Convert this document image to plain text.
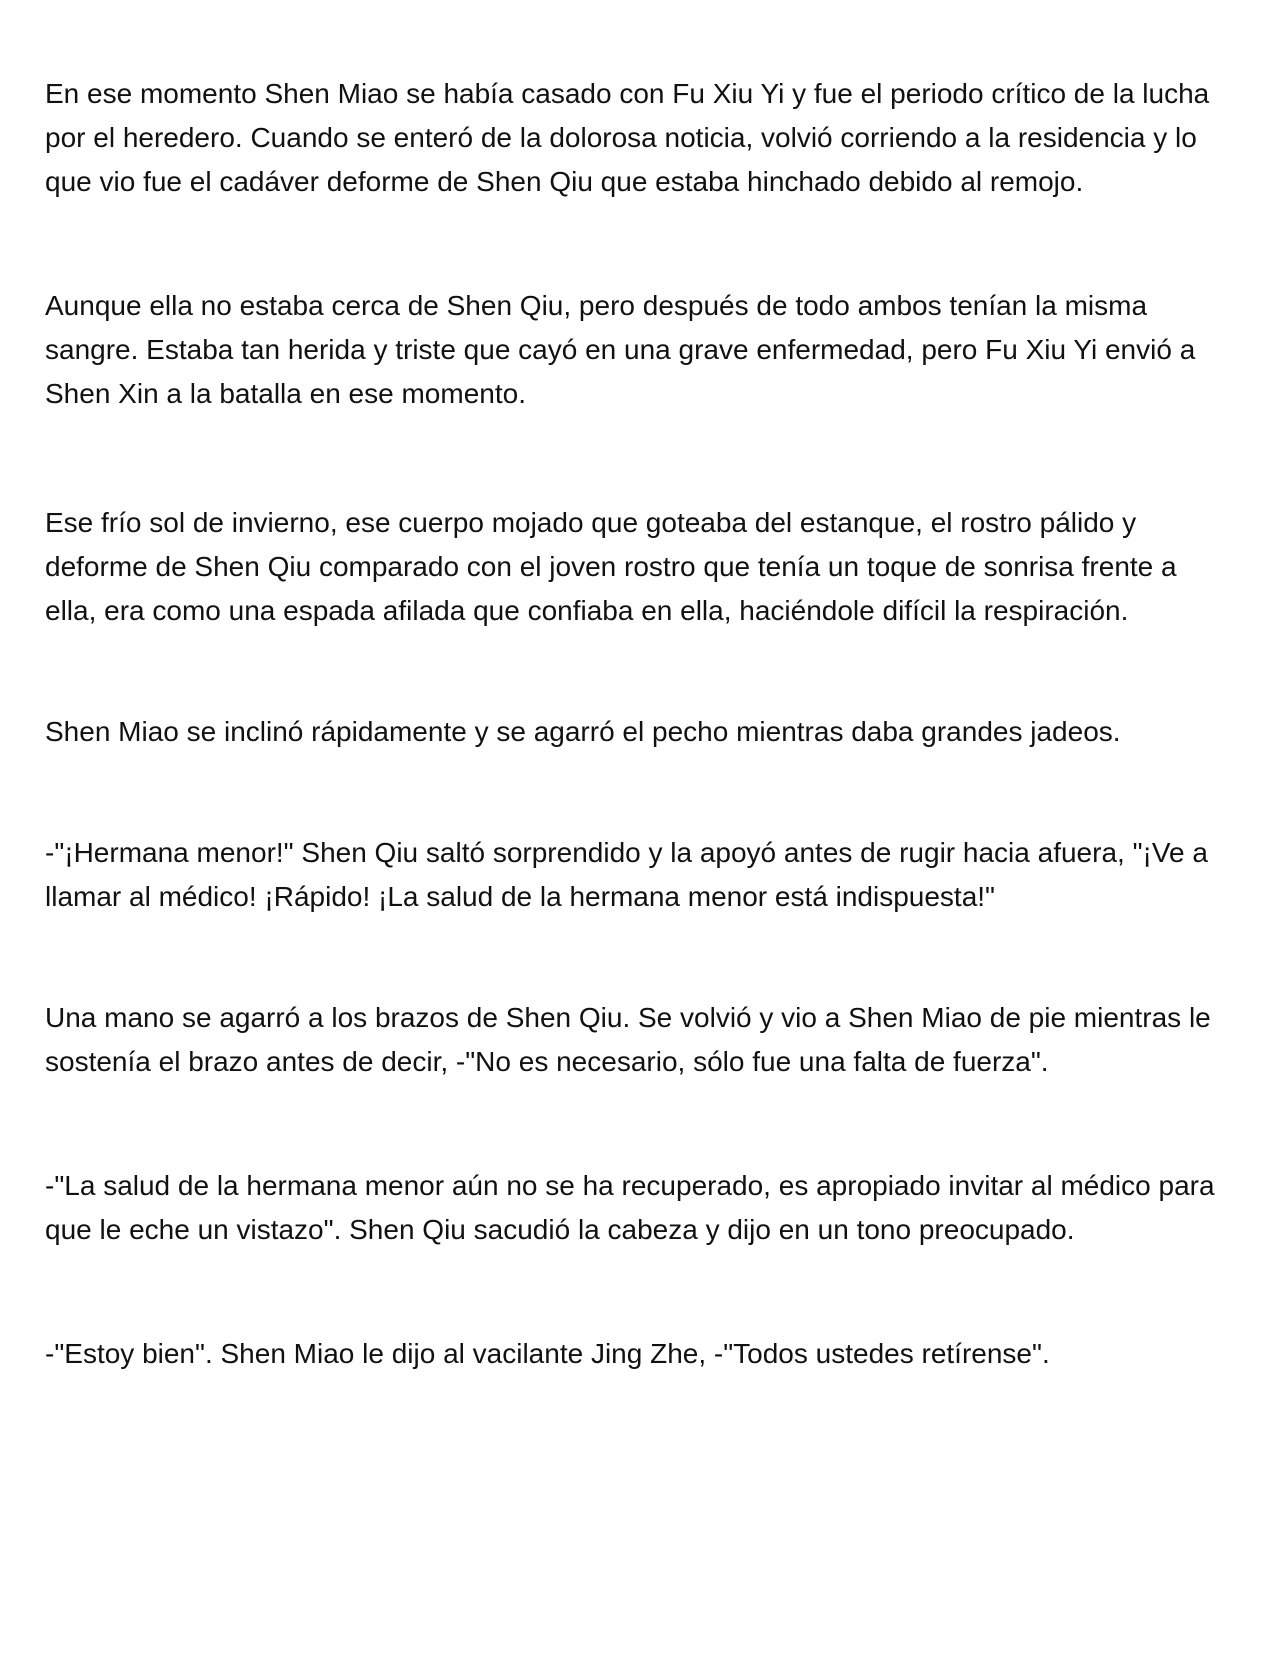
En ese momento Shen Miao se había casado con Fu Xiu Yi y fue el periodo crítico de la lucha por el heredero. Cuando se enteró de la dolorosa noticia, volvió corriendo a la residencia y lo que vio fue el cadáver deforme de Shen Qiu que estaba hinchado debido al remojo.

Aunque ella no estaba cerca de Shen Qiu, pero después de todo ambos tenían la misma sangre. Estaba tan herida y triste que cayó en una grave enfermedad, pero Fu Xiu Yi envió a Shen Xin a la batalla en ese momento.

Ese frío sol de invierno, ese cuerpo mojado que goteaba del estanque, el rostro pálido y deforme de Shen Qiu comparado con el joven rostro que tenía un toque de sonrisa frente a ella, era como una espada afilada que confiaba en ella, haciéndole difícil la respiración.

Shen Miao se inclinó rápidamente y se agarró el pecho mientras daba grandes jadeos.

-"¡Hermana menor!" Shen Qiu saltó sorprendido y la apoyó antes de rugir hacia afuera, "¡Ve a llamar al médico! ¡Rápido! ¡La salud de la hermana menor está indispuesta!"

Una mano se agarró a los brazos de Shen Qiu. Se volvió y vio a Shen Miao de pie mientras le sostenía el brazo antes de decir, -"No es necesario, sólo fue una falta de fuerza".

-"La salud de la hermana menor aún no se ha recuperado, es apropiado invitar al médico para que le eche un vistazo". Shen Qiu sacudió la cabeza y dijo en un tono preocupado.

-"Estoy bien". Shen Miao le dijo al vacilante Jing Zhe, -"Todos ustedes retírense".
